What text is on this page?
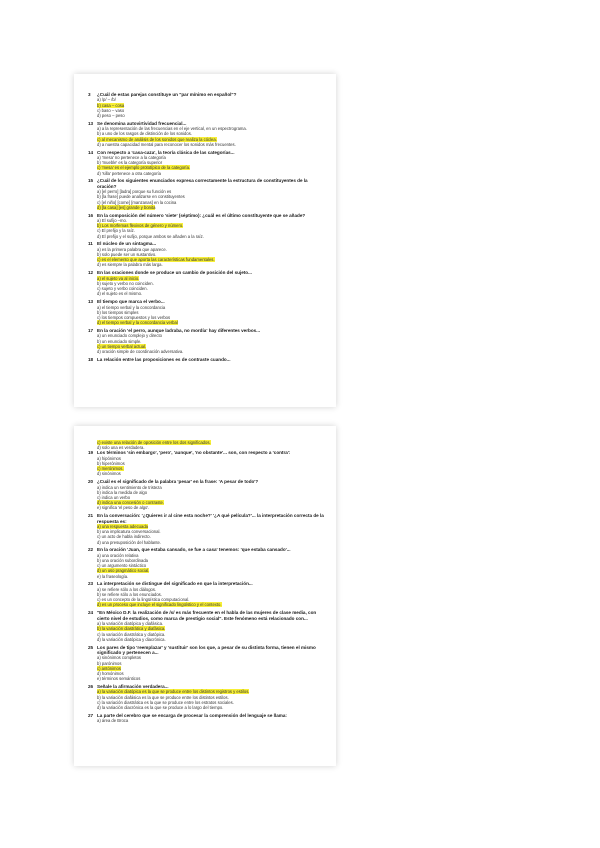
3	¿Cuál de estas parejas constituye un "par mínimo en español"?
a) /p/ – /b/
b) casa – cosa
c) baso – vaso
d) peso – peso
13 Se denomina autovirtividad frecuencial...
a) a la representación de las frecuencias en el eje vertical, en un espectrograma.
b) a uno de los rasgos de distinción de los sonidos.
c) al mecanismo de análisis de los sonidos que realiza la cóclea.
d) a nuestra capacidad mental para reconocer los sonidos más frecuentes.
14 Con respecto a 'casa-caza', la teoría clásica de las categorías...
a) 'mesa' no pertenece a la categoría
b) 'mueble' es la categoría superior
c) 'mesa' es el ejemplo prototípico de la categoría.
d) 'silla' pertenece a otra categoría
15 ¿Cuál de los siguientes enunciados expresa correctamente la estructura de constituyentes de la oración?
a) [el perro] [ladra] porque su función es
b) [la frase] puede analizarse en constituyentes
c) [el niño] [come] [manzanas] en la cocina
d) [la casa] [es] grande y bonita
16 En la composición del número 'siete' (séptimo): ¿cuál es el último constituyente que se añade?
a) El sufijo –mo.
b) Los morfemas flexivos de género y número.
c) El prefijo y la raíz.
d) El prefijo y el sufijo, porque ambos se añaden a la raíz.
11 El núcleo de un sintagma...
a) es la primera palabra que aparece.
b) solo puede ser un sustantivo.
c) es el elemento que aporta las características fundamentales.
d) es siempre la palabra más larga.
12 En las oraciones donde se produce un cambio de posición del sujeto...
a) el sujeto va al inicio.
b) sujeto y verbo no coinciden.
c) sujeto y verbo coinciden.
d) el sujeto es el mismo.
13 El tiempo que marca el verbo...
a) el tiempo verbal y la concordancia
b) los tiempos simples
c) los tiempos compuestos y los verbos
d) el tiempo verbal y la concordancia verbal
17 En la oración 'el perro, aunque ladraba, no mordía' hay diferentes verbos...
a) un enunciado complejo y directo
b) un enunciado simple.
c) un tiempo verbal actual.
d) oración simple de coordinación adversativa.
18 La relación entre las proposiciones es de contraste cuando...
c) existe una relación de oposición entre los dos significados.
d) solo una es verdadera.
19 Los términos 'sin embargo', 'pero', 'aunque', 'no obstante'... son, con respecto a 'contra':
a) hipónimos
b) hiperónimos
c) merónimos.
d) sinónimos
20 ¿Cuál es el significado de la palabra 'pesar' en la frase: 'A pesar de todo'?
a) indica un sentimiento de tristeza
b) indica la medida de algo
c) indica un verbo
d) indica una concesión o contraste.
e) significa 'el peso de algo'.
21 En la conversación: '¿Quieres ir al cine esta noche?' '¿A qué película?'... la interpretación correcta de la respuesta es:
a) una respuesta adecuada
b) una implicatura conversacional.
c) un acto de habla indirecto.
d) una presuposición del hablante.
22 En la oración 'Juan, que estaba cansado, se fue a casa' tenemos: 'que estaba cansado'...
a) una oración relativa
b) una oración subordinada
c) un argumento sintáctico
d) un uso pragmático social.
e) la fraseología.
23 La interpretación se distingue del significado en que la interpretación...
a) se refiere sólo a los diálogos.
b) se refiere sólo a los enunciados.
c) es un concepto de la lingüística computacional.
d) es un proceso que incluye el significado lingüístico y el contexto.
24 "En México D.F. la realización de /s/ es más frecuente en el habla de las mujeres de clase media, con cierto nivel de estudios, como marca de prestigio social". Este fenómeno está relacionado con...
a) la variación diatópica y diafásica.
b) la variación diastrática y diafásica.
c) la variación diastrática y diatópica.
d) la variación diatópica y diacrónica.
25 Los pares de tipo 'reemplazar' y 'sustituir' son los que, a pesar de su distinta forma, tienen el mismo significado y pertenecen a...
a) sinónimos completos
b) parónimos
c) antónimos
d) homónimos
e) términos semánticos
26 Señale la afirmación verdadera...
a) la variación diatópica es la que se produce entre los distintos registros y estilos.
b) la variación diafásica es la que se produce entre los distintos estilos.
c) la variación diastrática es la que se produce entre los estratos sociales.
d) la variación diacrónica es la que se produce a lo largo del tiempo.
27 La parte del cerebro que se encarga de procesar la comprensión del lenguaje se llama:
a) área de Broca
